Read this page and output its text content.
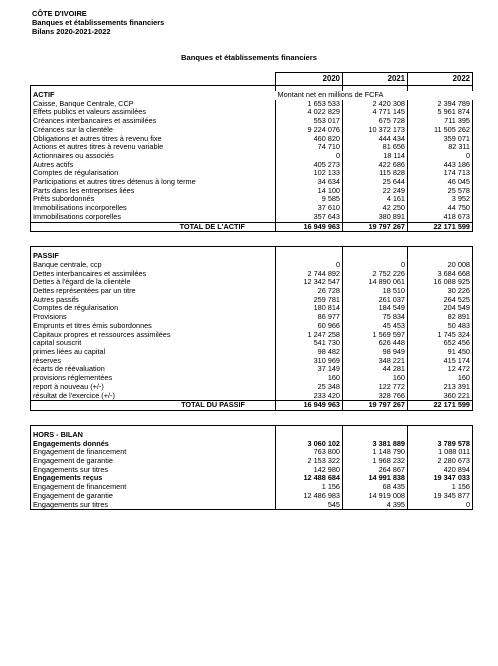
CÔTE D'IVOIRE
Banques et établissements financiers
Bilans 2020-2021-2022
Banques et établissements financiers
	2020	2021	2022

ACTIF	Montant net en millions de FCFA		
Caisse, Banque Centrale, CCP	1 653 533	2 420 308	2 394 789
Effets publics et valeurs assimilées	4 022 829	4 771 145	5 961 874
Créances interbancaires et assimilées	553 017	675 728	711 395
Créances sur la clientèle	9 224 076	10 372 173	11 505 262
Obligations et autres titres à revenu fixe	460 820	444 434	359 071
Actions et autres titres à revenu variable	74 710	81 656	82 311
Actionnaires ou associés	0	18 114	0
Autres actifs	405 273	422 686	443 186
Comptes de régularisation	102 133	115 828	174 713
Participations et autres titres détenus à long terme	34 634	25 644	46 045
Parts dans les entreprises liées	14 100	22 249	25 578
Prêts subordonnés	9 585	4 161	3 952
Immobilisations incorporelles	37 610	42 250	44 750
Immobilisations corporelles	357 643	380 891	418 673
TOTAL DE L'ACTIF	16 949 963	19 797 267	22 171 599

PASSIF			
Banque centrale, ccp	0	0	20 008
Dettes interbancaires et assimilées	2 744 892	2 752 226	3 684 668
Dettes à l'égard de la clientèle	12 342 547	14 890 061	16 088 925
Dettes représentées par un titre	26 728	18 510	30 226
Autres passifs	259 781	261 037	264 525
Comptes de régularisation	180 814	184 549	204 549
Provisions	86 977	75 834	82 891
Emprunts et titres émis subordonnes	60 966	45 453	50 483
Capitaux propres et ressources assimilées	1 247 258	1 569 597	1 745 324
capital souscrit	541 730	626 448	652 456
primes liées au capital	98 482	98 949	91 450
réserves	310 969	348 221	415 174
écarts de réévaluation	37 149	44 281	12 472
provisions réglementées	160	160	160
report à nouveau (+/-)	25 348	122 772	213 391
résultat de l'exercice (+/-)	233 420	328 766	360 221
TOTAL DU PASSIF	16 949 963	19 797 267	22 171 599

HORS - BILAN			
Engagements donnés	3 060 102	3 381 889	3 789 578
Engagement de financement	763 800	1 148 790	1 088 011
Engagement de garantie	2 153 322	1 968 232	2 280 673
Engagements sur titres	142 980	264 867	420 894
Engagements reçus	12 488 684	14 991 838	19 347 033
Engagement de financement	1 156	68 435	1 156
Engagement de garantie	12 486 983	14 919 008	19 345 877
Engagements sur titres	545	4 395	0
